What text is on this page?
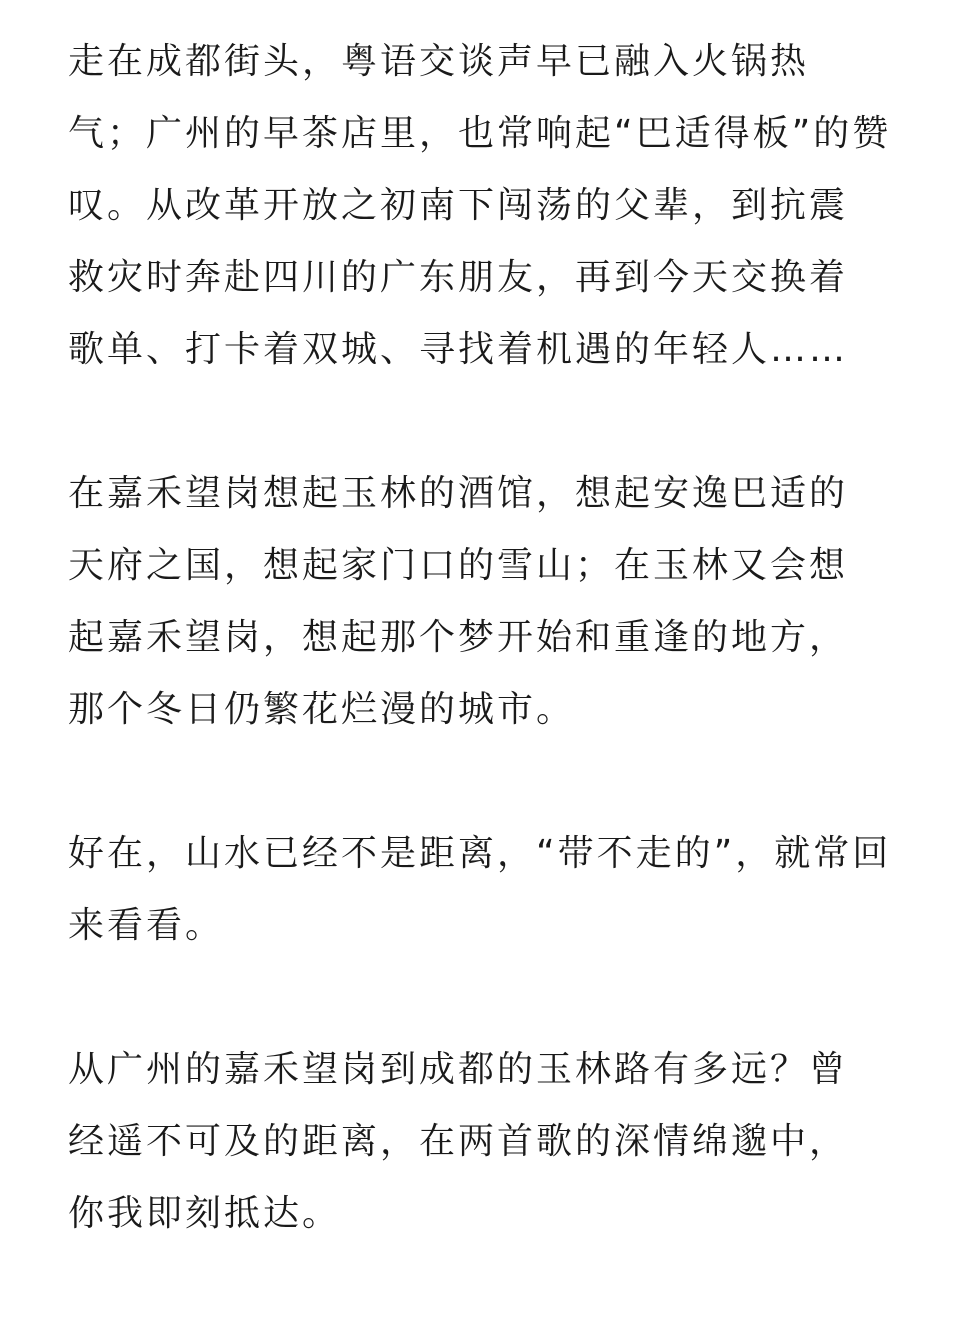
走在成都街头，粤语交谈声早已融入火锅热
气；广州的早茶店里，也常响起“巴适得板”的赞
叹。从改革开放之初南下闯荡的父辈，到抗震
救灾时奔赴四川的广东朋友，再到今天交换着
歌单、打卡着双城、寻找着机遇的年轻人……
在嘉禾望岗想起玉林的酒馆，想起安逸巴适的
天府之国，想起家门口的雪山；在玉林又会想
起嘉禾望岗，想起那个梦开始和重逢的地方，
那个冬日仍繁花烂漫的城市。
好在，山水已经不是距离，“带不走的”，就常回
来看看。
从广州的嘉禾望岗到成都的玉林路有多远？曾
经遥不可及的距离，在两首歌的深情绵邈中，
你我即刻抵达。
